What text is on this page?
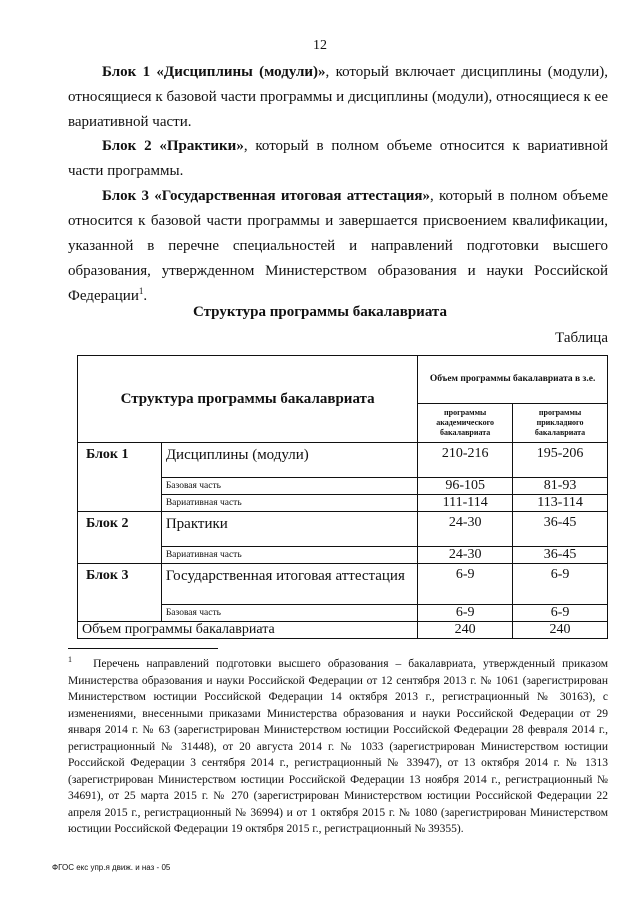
12

Блок 1 «Дисциплины (модули)», который включает дисциплины (модули), относящиеся к базовой части программы и дисциплины (модули), относящиеся к ее вариативной части.

Блок 2 «Практики», который в полном объеме относится к вариативной части программы.

Блок 3 «Государственная итоговая аттестация», который в полном объеме относится к базовой части программы и завершается присвоением квалификации, указанной в перечне специальностей и направлений подготовки высшего образования, утвержденном Министерством образования и науки Российской Федерации$^1$.

Структура программы бакалавриата
Таблица
Структура программы бакалавриата		Объем программы бакалавриата в з.е.	
		программы академического бакалавриата	программы прикладного бакалавриата
Блок 1	Дисциплины (модули)	210-216	195-206
	Базовая часть	96-105	81-93
	Вариативная часть	111-114	113-114
Блок 2	Практики	24-30	36-45
	Вариативная часть	24-30	36-45
Блок 3	Государственная итоговая аттестация	6-9	6-9
	Базовая часть	6-9	6-9
Объем программы бакалавриата		240	240

$^1$ Перечень направлений подготовки высшего образования – бакалавриата, утвержденный приказом Министерства образования и науки Российской Федерации от 12 сентября 2013 г. № 1061 (зарегистрирован Министерством юстиции Российской Федерации 14 октября 2013 г., регистрационный № 30163), с изменениями, внесенными приказами Министерства образования и науки Российской Федерации от 29 января 2014 г. № 63 (зарегистрирован Министерством юстиции Российской Федерации 28 февраля 2014 г., регистрационный № 31448), от 20 августа 2014 г. № 1033 (зарегистрирован Министерством юстиции Российской Федерации 3 сентября 2014 г., регистрационный № 33947), от 13 октября 2014 г. № 1313 (зарегистрирован Министерством юстиции Российской Федерации 13 ноября 2014 г., регистрационный № 34691), от 25 марта 2015 г. № 270 (зарегистрирован Министерством юстиции Российской Федерации 22 апреля 2015 г., регистрационный № 36994) и от 1 октября 2015 г. № 1080 (зарегистрирован Министерством юстиции Российской Федерации 19 октября 2015 г., регистрационный № 39355).

ФГОС екс упр.я движ. и наз - 05
